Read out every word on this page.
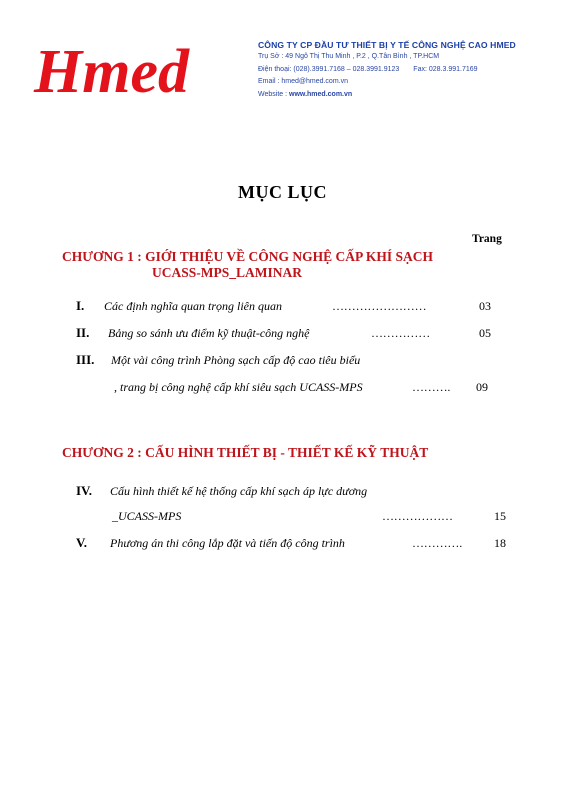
Hmed	CÔNG TY CP ĐẦU TƯ THIẾT BỊ Y TẾ CÔNG NGHỆ CAO HMED
Trụ Sở : 49 Ngô Thị Thu Minh , P.2 , Q.Tân Bình , TP.HCM
Điện thoại: (028).3991.7168 – 028.3991.9123 Fax: 028.3.991.7169
Email : hmed@hmed.com.vn
Website : www.hmed.com.vn
MỤC LỤC
Trang
CHƯƠNG 1 : GIỚI THIỆU VỀ CÔNG NGHỆ CẤP KHÍ SẠCH
UCASS-MPS_LAMINAR
I. Các định nghĩa quan trọng liên quan	……………………	03
II. Bảng so sánh ưu điểm kỹ thuật-công nghệ	……………	05
III. Một vài công trình Phòng sạch cấp độ cao tiêu biểu
, trang bị công nghệ cấp khí siêu sạch UCASS-MPS	………. 09
CHƯƠNG 2 : CẤU HÌNH THIẾT BỊ - THIẾT KẾ KỸ THUẬT
IV. Cấu hình thiết kế hệ thống cấp khí sạch áp lực dương
_UCASS-MPS	………………	15
V. Phương án thi công lắp đặt và tiến độ công trình	………….	18
